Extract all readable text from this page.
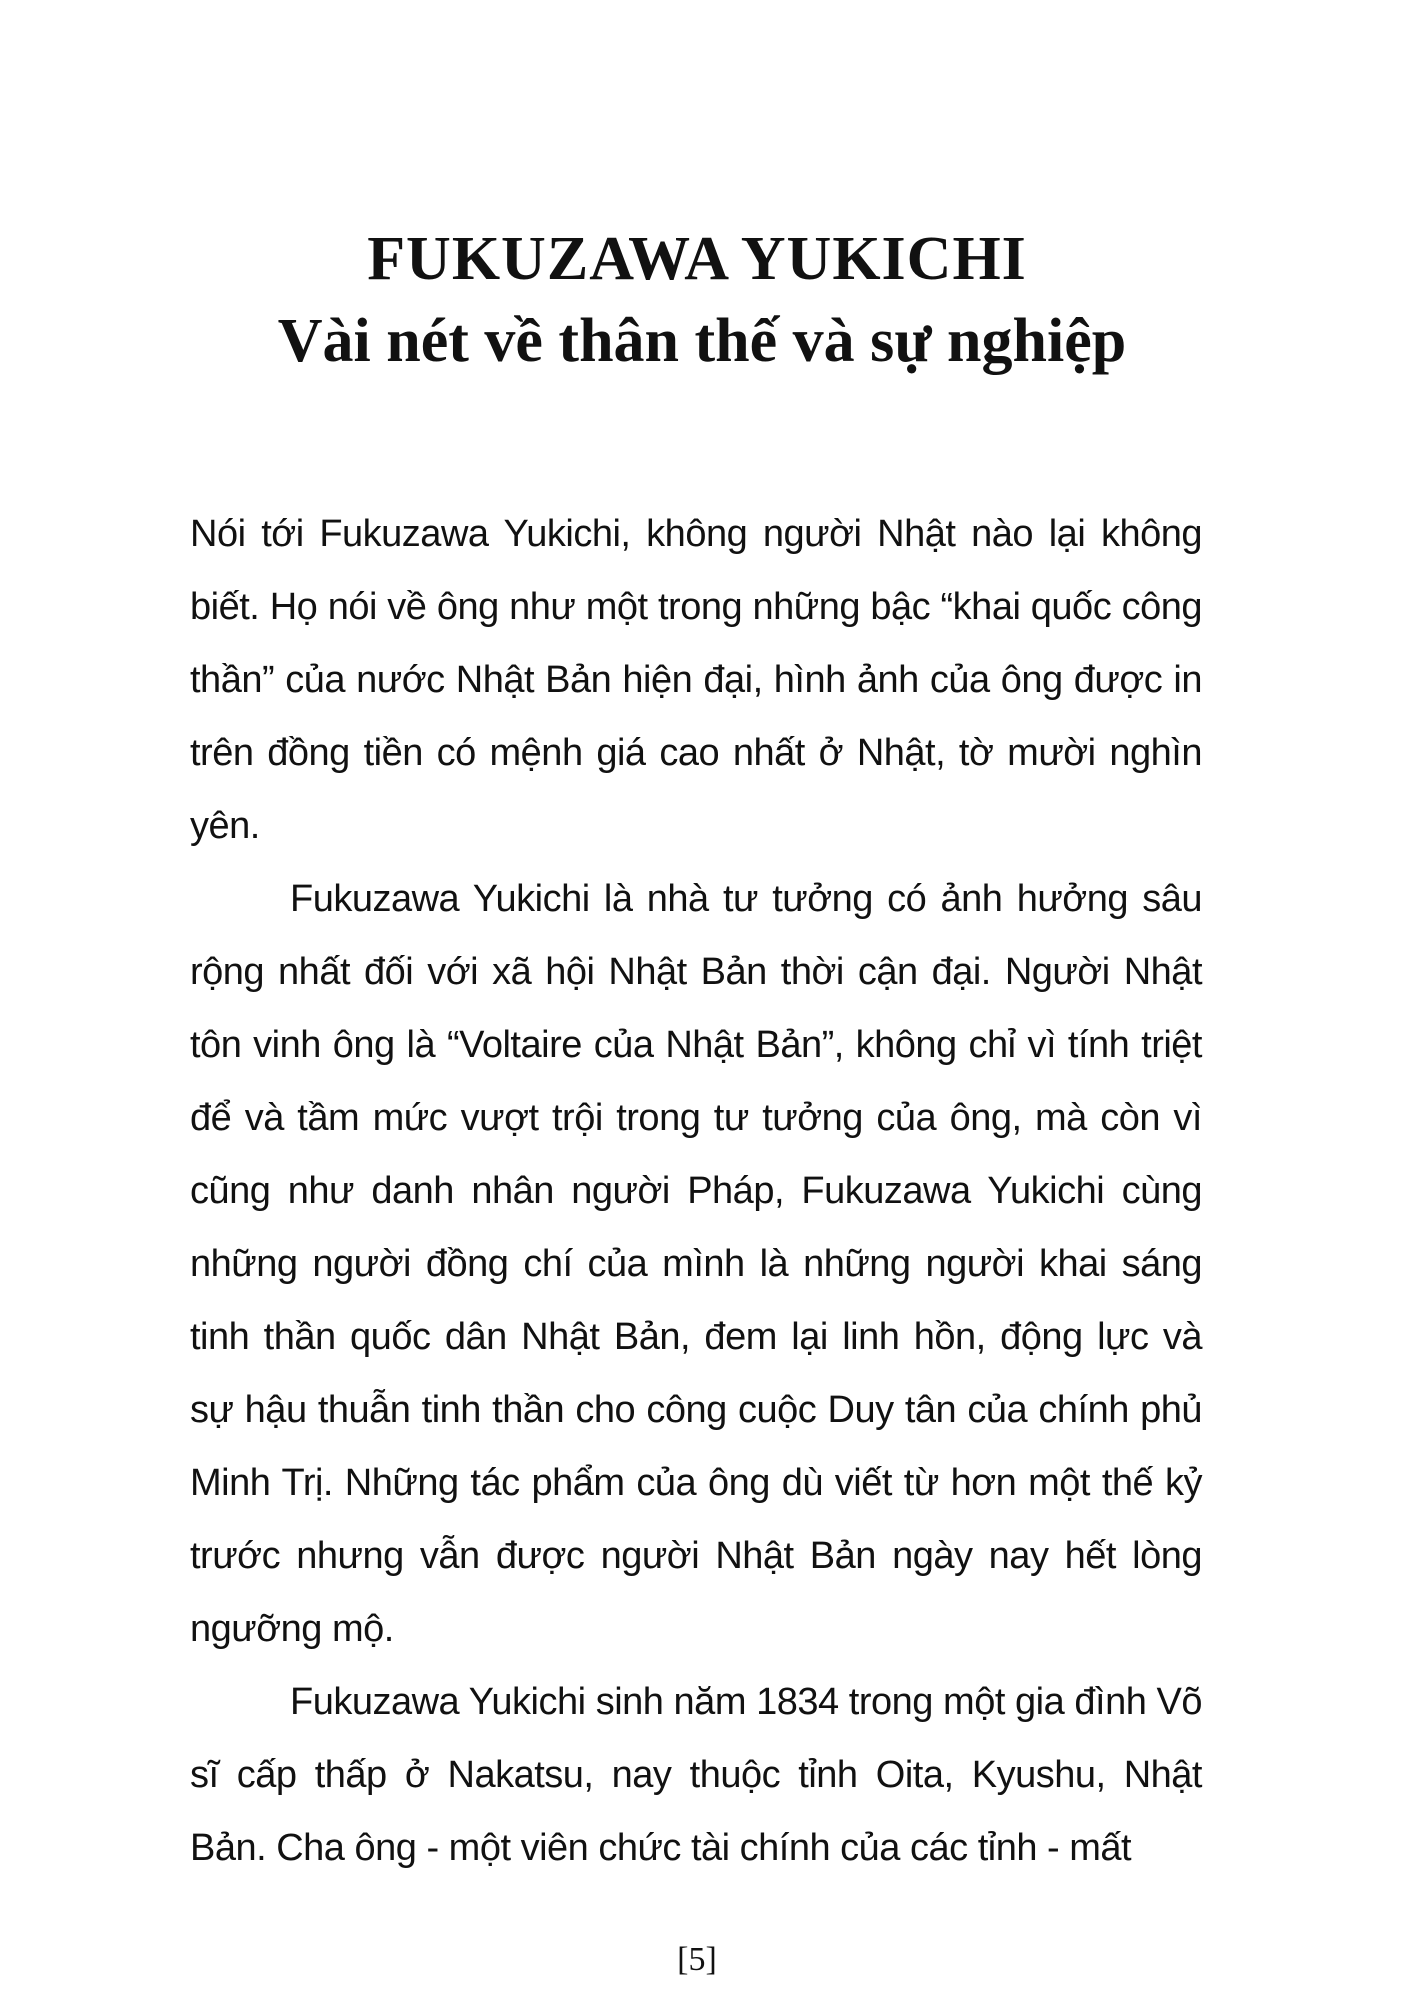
FUKUZAWA YUKICHI
Vài nét về thân thế và sự nghiệp

Nói tới Fukuzawa Yukichi, không người Nhật nào lại không biết. Họ nói về ông như một trong những bậc “khai quốc công thần” của nước Nhật Bản hiện đại, hình ảnh của ông được in trên đồng tiền có mệnh giá cao nhất ở Nhật, tờ mười nghìn yên.

Fukuzawa Yukichi là nhà tư tưởng có ảnh hưởng sâu rộng nhất đối với xã hội Nhật Bản thời cận đại. Người Nhật tôn vinh ông là “Voltaire của Nhật Bản”, không chỉ vì tính triệt để và tầm mức vượt trội trong tư tưởng của ông, mà còn vì cũng như danh nhân người Pháp, Fukuzawa Yukichi cùng những người đồng chí của mình là những người khai sáng tinh thần quốc dân Nhật Bản, đem lại linh hồn, động lực và sự hậu thuẫn tinh thần cho công cuộc Duy tân của chính phủ Minh Trị. Những tác phẩm của ông dù viết từ hơn một thế kỷ trước nhưng vẫn được người Nhật Bản ngày nay hết lòng ngưỡng mộ.

Fukuzawa Yukichi sinh năm 1834 trong một gia đình Võ sĩ cấp thấp ở Nakatsu, nay thuộc tỉnh Oita, Kyushu, Nhật Bản. Cha ông - một viên chức tài chính của các tỉnh - mất

[5]
